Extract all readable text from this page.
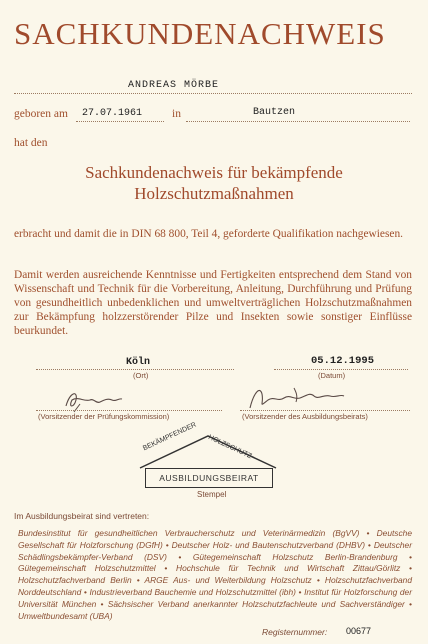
SACHKUNDENACHWEIS
ANDREAS MÖRBE
geboren am 27.07.1961	in	Bautzen
hat den
Sachkundenachweis für bekämpfende
Holzschutzmaßnahmen
erbracht und damit die in DIN 68 800, Teil 4, geforderte Qualifikation nachgewiesen.
Damit werden ausreichende Kenntnisse und Fertigkeiten entsprechend dem Stand von Wissenschaft und Technik für die Vorbereitung, Anleitung, Durchführung und Prüfung von gesundheitlich unbedenklichen und umweltverträglichen Holzschutzmaßnahmen zur Bekämpfung holzzerstörender Pilze und Insekten sowie sonstiger Einflüsse beurkundet.
Köln
(Ort)
05.12.1995
(Datum)
(Vorsitzender der Prüfungskommission)	(Vorsitzender des Ausbildungsbeirats)
BEKÄMPFENDER HOLZSCHUTZ
AUSBILDUNGSBEIRAT
Stempel
Im Ausbildungsbeirat sind vertreten:
Bundesinstitut für gesundheitlichen Verbraucherschutz und Veterinärmedizin (BgVV) • Deutsche Gesellschaft für Holzforschung (DGfH) • Deutscher Holz- und Bautenschutzverband (DHBV) • Deutscher Schädlingsbekämpfer-Verband (DSV) • Gütegemeinschaft Holzschutz Berlin-Brandenburg • Gütegemeinschaft Holzschutzmittel • Hochschule für Technik und Wirtschaft Zittau/Görlitz • Holzschutzfachverband Berlin • ARGE Aus- und Weiterbildung Holzschutz • Holzschutzfachverband Norddeutschland • Industrieverband Bauchemie und Holzschutzmittel (ibh) • Institut für Holzforschung der Universität München • Sächsischer Verband anerkannter Holzschutzfachleute und Sachverständiger • Umweltbundesamt (UBA)
Registernummer: 00677
